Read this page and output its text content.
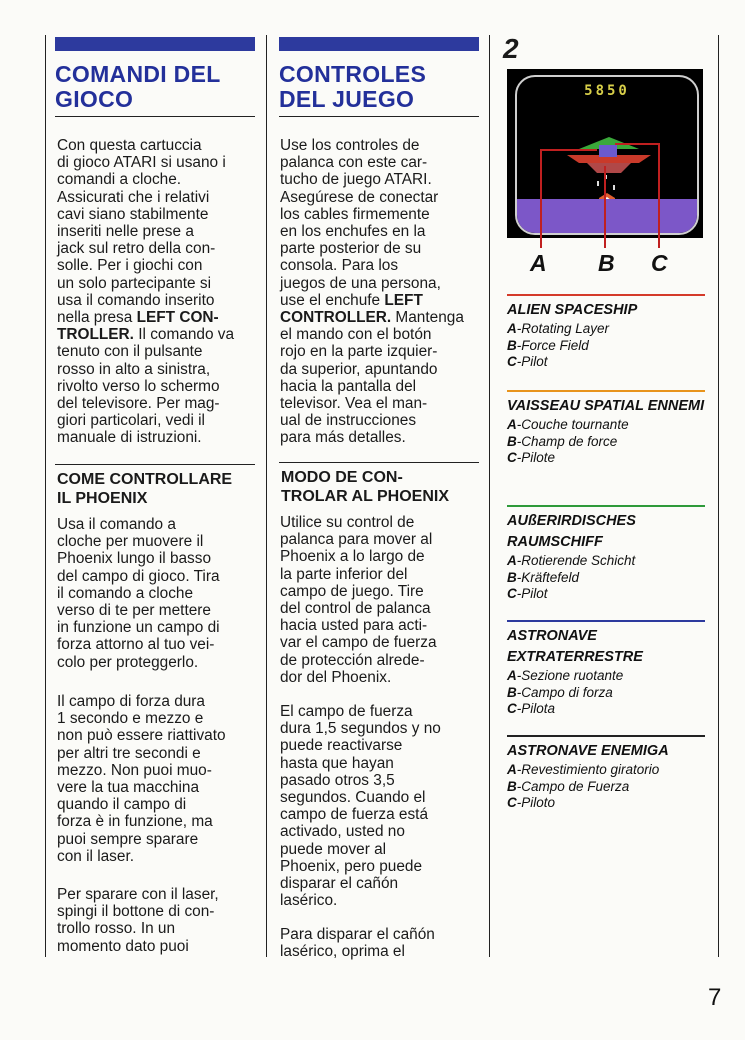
COMANDI DEL
GIOCO
Con questa cartuccia
di gioco ATARI si usano i
comandi a cloche.
Assicurati che i relativi
cavi siano stabilmente
inseriti nelle prese a
jack sul retro della con-
solle. Per i giochi con
un solo partecipante si
usa il comando inserito
nella presa LEFT CON-
TROLLER. Il comando va
tenuto con il pulsante
rosso in alto a sinistra,
rivolto verso lo schermo
del televisore. Per mag-
giori particolari, vedi il
manuale di istruzioni.
COME CONTROLLARE
IL PHOENIX
Usa il comando a
cloche per muovere il
Phoenix lungo il basso
del campo di gioco. Tira
il comando a cloche
verso di te per mettere
in funzione un campo di
forza attorno al tuo vei-
colo per proteggerlo.
Il campo di forza dura
1 secondo e mezzo e
non può essere riattivato
per altri tre secondi e
mezzo. Non puoi muo-
vere la tua macchina
quando il campo di
forza è in funzione, ma
puoi sempre sparare
con il laser.
Per sparare con il laser,
spingi il bottone di con-
trollo rosso. In un
momento dato puoi
CONTROLES
DEL JUEGO
Use los controles de
palanca con este car-
tucho de juego ATARI.
Asegúrese de conectar
los cables firmemente
en los enchufes en la
parte posterior de su
consola. Para los
juegos de una persona,
use el enchufe LEFT
CONTROLLER. Mantenga
el mando con el botón
rojo en la parte izquier-
da superior, apuntando
hacia la pantalla del
televisor. Vea el man-
ual de instrucciones
para más detalles.
MODO DE CON-
TROLAR AL PHOENIX
Utilice su control de
palanca para mover al
Phoenix a lo largo de
la parte inferior del
campo de juego. Tire
del control de palanca
hacia usted para acti-
var el campo de fuerza
de protección alrede-
dor del Phoenix.
El campo de fuerza
dura 1,5 segundos y no
puede reactivarse
hasta que hayan
pasado otros 3,5
segundos. Cuando el
campo de fuerza está
activado, usted no
puede mover al
Phoenix, pero puede
disparar el cañón
lasérico.
Para disparar el cañón
lasérico, oprima el
2
5850
A B C
ALIEN SPACESHIP
A-Rotating Layer
B-Force Field
C-Pilot
VAISSEAU SPATIAL ENNEMI
A-Couche tournante
B-Champ de force
C-Pilote
AUßERIRDISCHES RAUMSCHIFF
A-Rotierende Schicht
B-Kräftefeld
C-Pilot
ASTRONAVE EXTRATERRESTRE
A-Sezione ruotante
B-Campo di forza
C-Pilota
ASTRONAVE ENEMIGA
A-Revestimiento giratorio
B-Campo de Fuerza
C-Piloto
7
